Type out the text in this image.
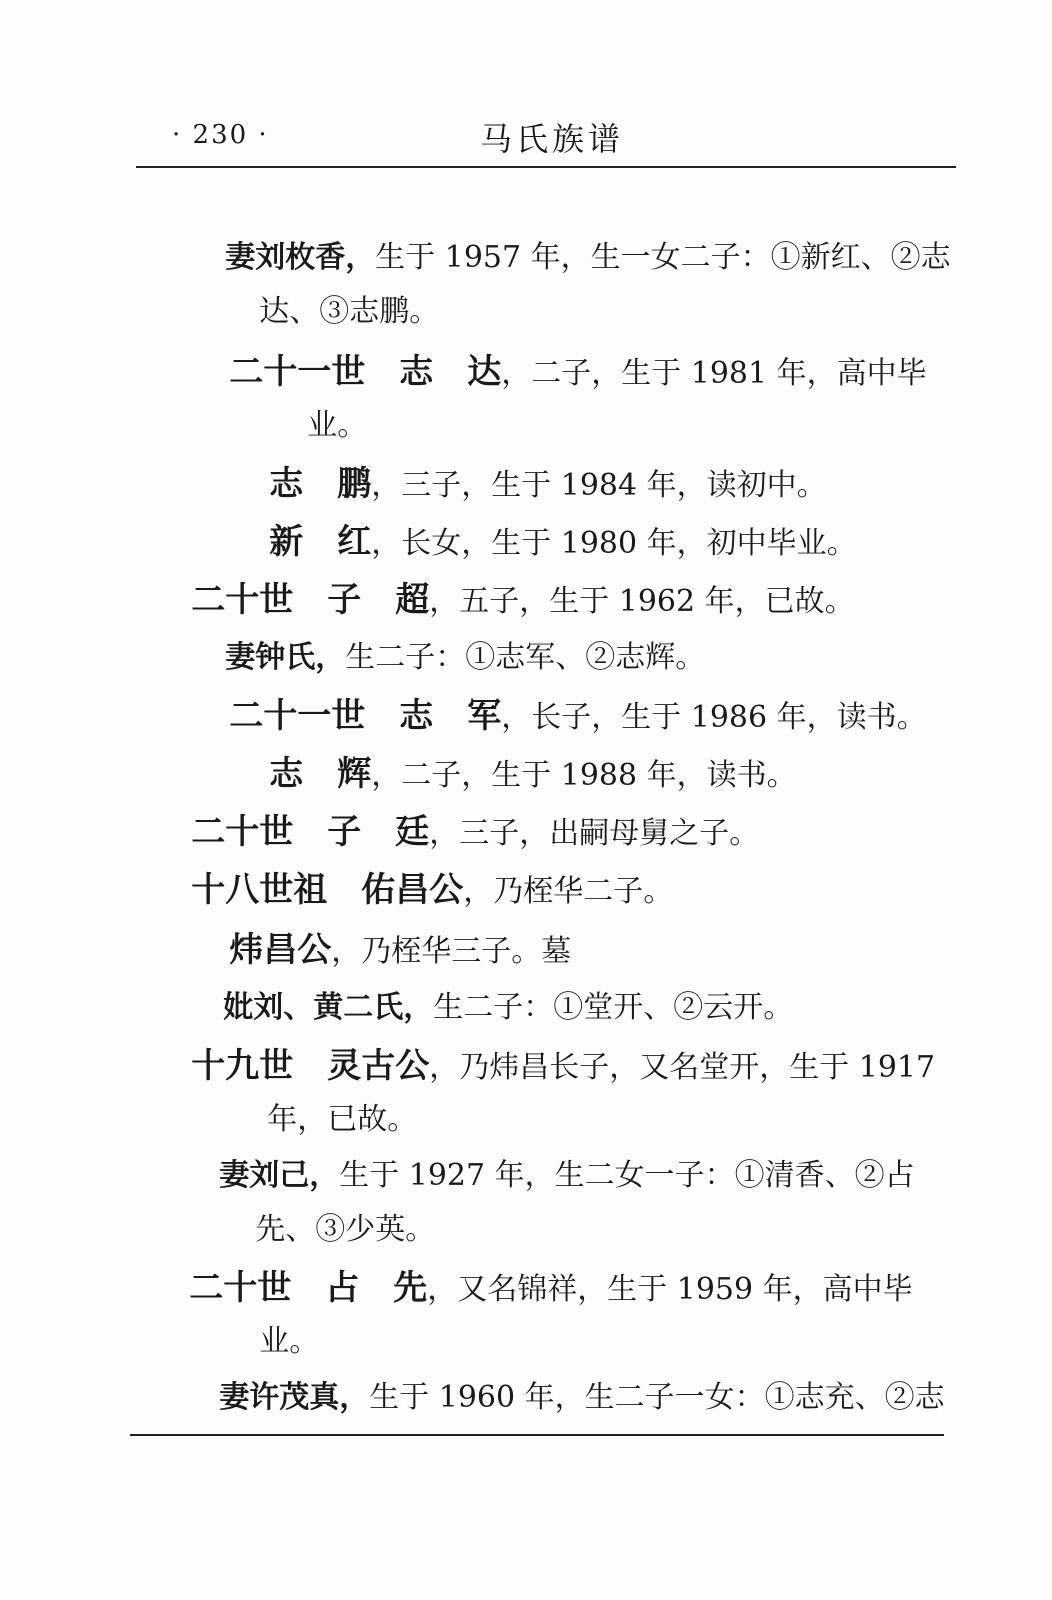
· 230 ·	马氏族谱

妻刘枚香，生于 1957 年，生一女二子：①新红、②志

达、③志鹏。

二十一世　志　达，二子，生于 1981 年，高中毕

业。

志　鹏，三子，生于 1984 年，读初中。

新　红，长女，生于 1980 年，初中毕业。

二十世　子　超，五子，生于 1962 年，已故。

妻钟氏，生二子：①志军、②志辉。

二十一世　志　军，长子，生于 1986 年，读书。

志　辉，二子，生于 1988 年，读书。

二十世　子　廷，三子，出嗣母舅之子。

十八世祖　佑昌公，乃桎华二子。

炜昌公，乃桎华三子。墓

妣刘、黄二氏，生二子：①堂开、②云开。

十九世　灵古公，乃炜昌长子，又名堂开，生于 1917

年，已故。

妻刘己，生于 1927 年，生二女一子：①清香、②占

先、③少英。

二十世　占　先，又名锦祥，生于 1959 年，高中毕

业。

妻许茂真，生于 1960 年，生二子一女：①志充、②志
